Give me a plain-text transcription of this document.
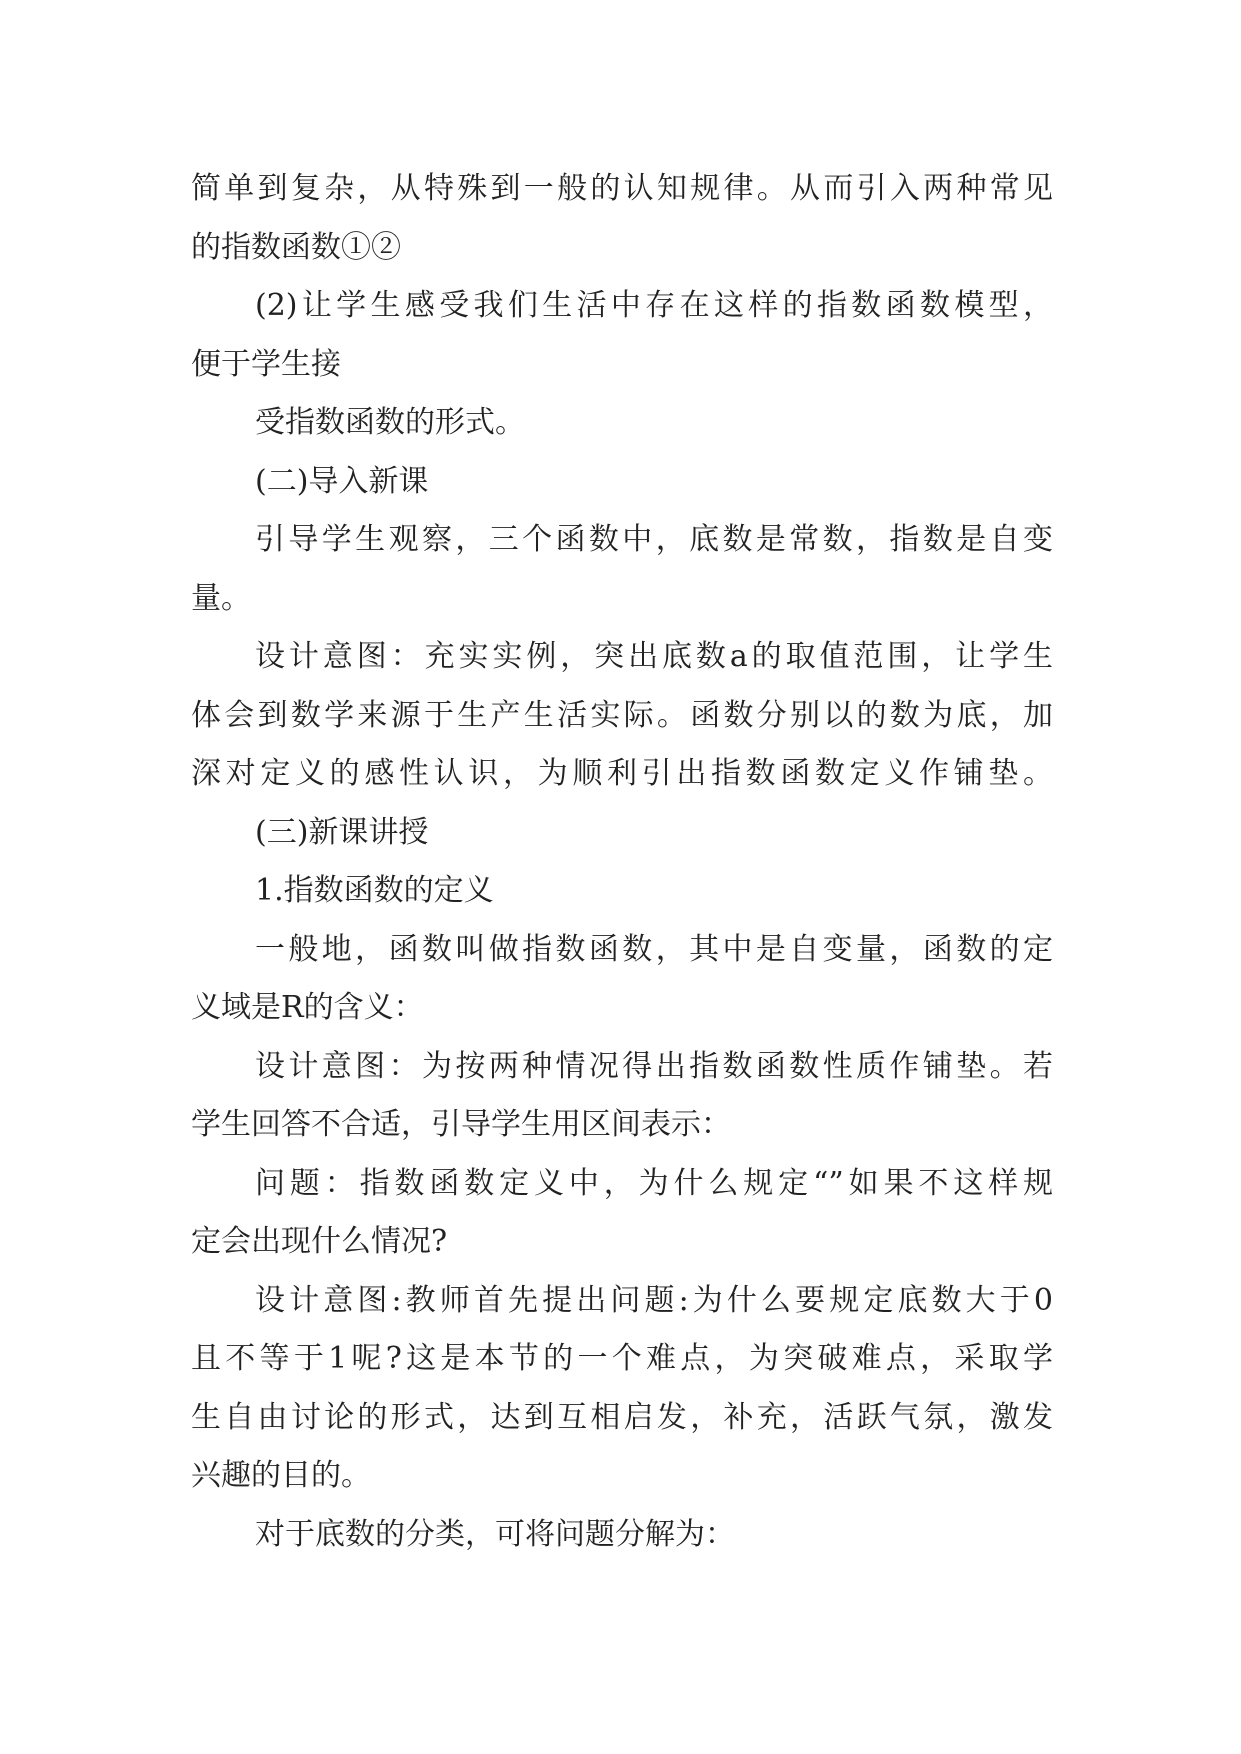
简单到复杂，从特殊到一般的认知规律。从而引入两种常见
的指数函数①②
(2)让学生感受我们生活中存在这样的指数函数模型，
便于学生接
受指数函数的形式。
(二)导入新课
引导学生观察，三个函数中，底数是常数，指数是自变
量。
设计意图：充实实例，突出底数a的取值范围，让学生
体会到数学来源于生产生活实际。函数分别以的数为底，加
深对定义的感性认识，为顺利引出指数函数定义作铺垫。
(三)新课讲授
1.指数函数的定义
一般地，函数叫做指数函数，其中是自变量，函数的定
义域是R的含义：
设计意图：为按两种情况得出指数函数性质作铺垫。若
学生回答不合适，引导学生用区间表示：
问题：指数函数定义中，为什么规定“”如果不这样规
定会出现什么情况?
设计意图:教师首先提出问题:为什么要规定底数大于0
且不等于1呢?这是本节的一个难点，为突破难点，采取学
生自由讨论的形式，达到互相启发，补充，活跃气氛，激发
兴趣的目的。
对于底数的分类，可将问题分解为：
